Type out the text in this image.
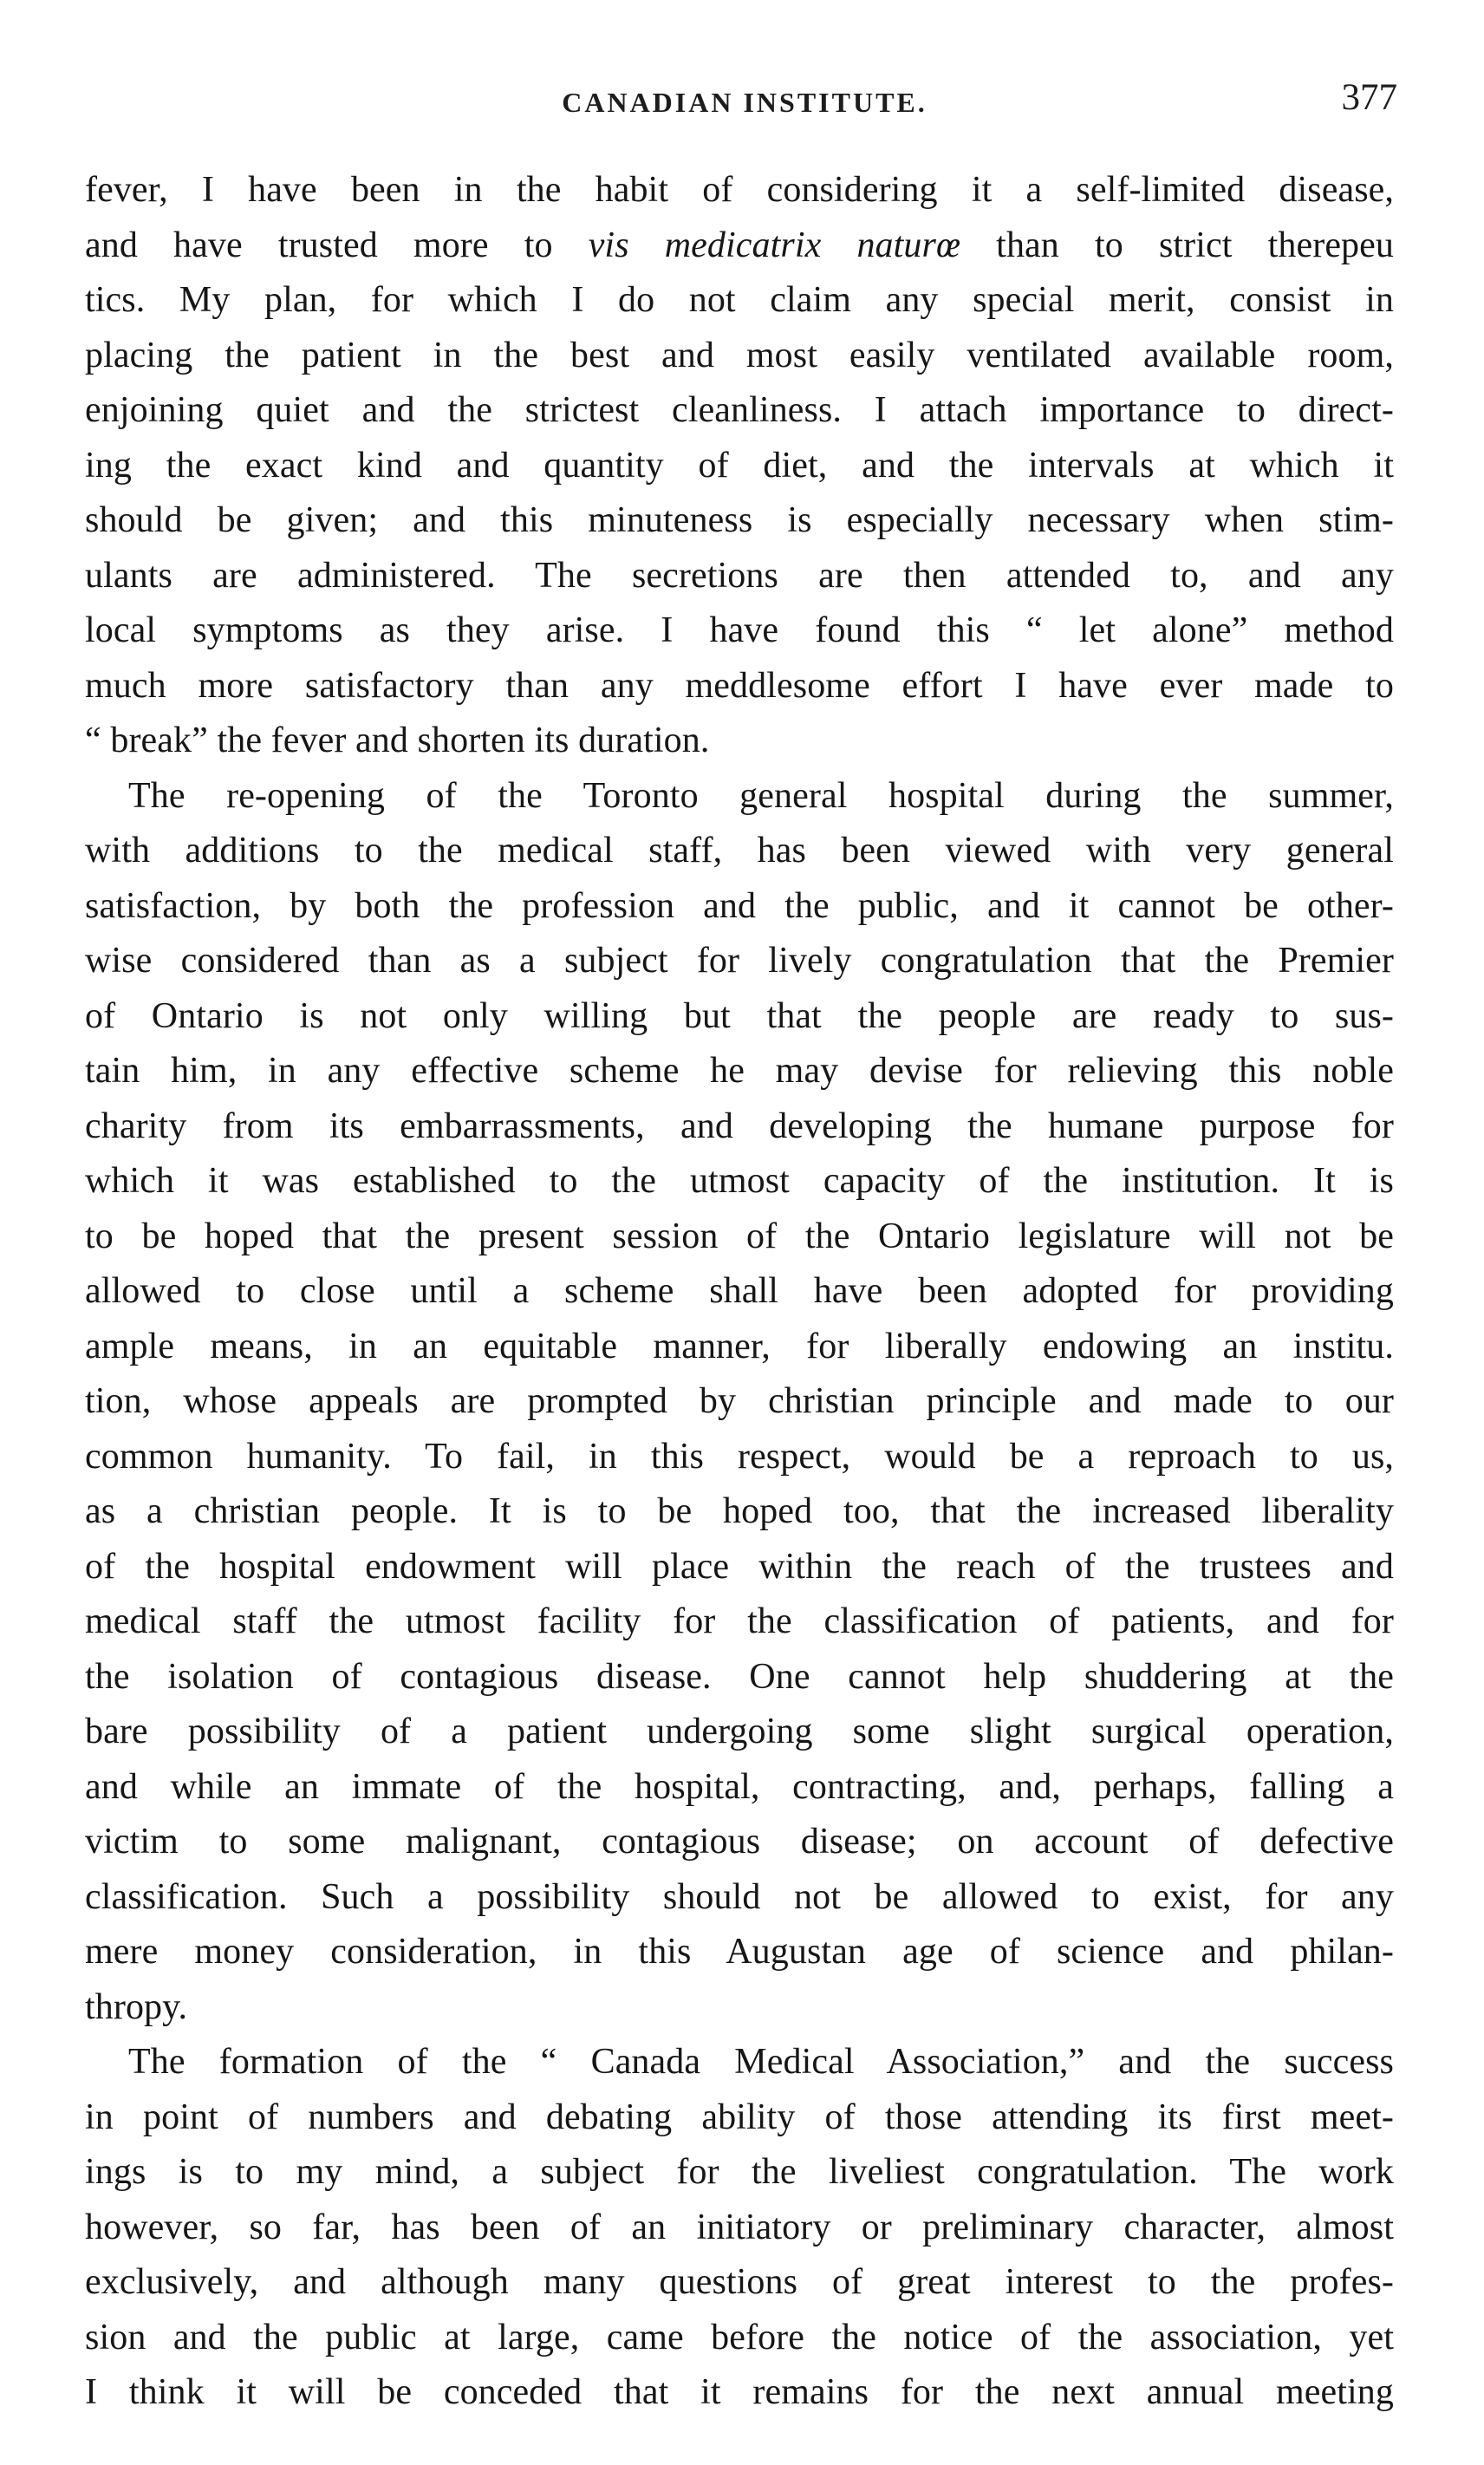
CANADIAN INSTITUTE.	377
fever, I have been in the habit of considering it a self-limited disease,
and have trusted more to vis medicatrix naturœ than to strict therepeu
tics. My plan, for which I do not claim any special merit, consist in
placing the patient in the best and most easily ventilated available room,
enjoining quiet and the strictest cleanliness. I attach importance to direct-
ing the exact kind and quantity of diet, and the intervals at which it
should be given; and this minuteness is especially necessary when stim-
ulants are administered. The secretions are then attended to, and any
local symptoms as they arise. I have found this “ let alone” method
much more satisfactory than any meddlesome effort I have ever made to
“ break” the fever and shorten its duration.
The re-opening of the Toronto general hospital during the summer,
with additions to the medical staff, has been viewed with very general
satisfaction, by both the profession and the public, and it cannot be other-
wise considered than as a subject for lively congratulation that the Premier
of Ontario is not only willing but that the people are ready to sus-
tain him, in any effective scheme he may devise for relieving this noble
charity from its embarrassments, and developing the humane purpose for
which it was established to the utmost capacity of the institution. It is
to be hoped that the present session of the Ontario legislature will not be
allowed to close until a scheme shall have been adopted for providing
ample means, in an equitable manner, for liberally endowing an institu.
tion, whose appeals are prompted by christian principle and made to our
common humanity. To fail, in this respect, would be a reproach to us,
as a christian people. It is to be hoped too, that the increased liberality
of the hospital endowment will place within the reach of the trustees and
medical staff the utmost facility for the classification of patients, and for
the isolation of contagious disease. One cannot help shuddering at the
bare possibility of a patient undergoing some slight surgical operation,
and while an immate of the hospital, contracting, and, perhaps, falling a
victim to some malignant, contagious disease; on account of defective
classification. Such a possibility should not be allowed to exist, for any
mere money consideration, in this Augustan age of science and philan-
thropy.
The formation of the “ Canada Medical Association,” and the success
in point of numbers and debating ability of those attending its first meet-
ings is to my mind, a subject for the liveliest congratulation. The work
however, so far, has been of an initiatory or preliminary character, almost
exclusively, and although many questions of great interest to the profes-
sion and the public at large, came before the notice of the association, yet
I think it will be conceded that it remains for the next annual meeting
